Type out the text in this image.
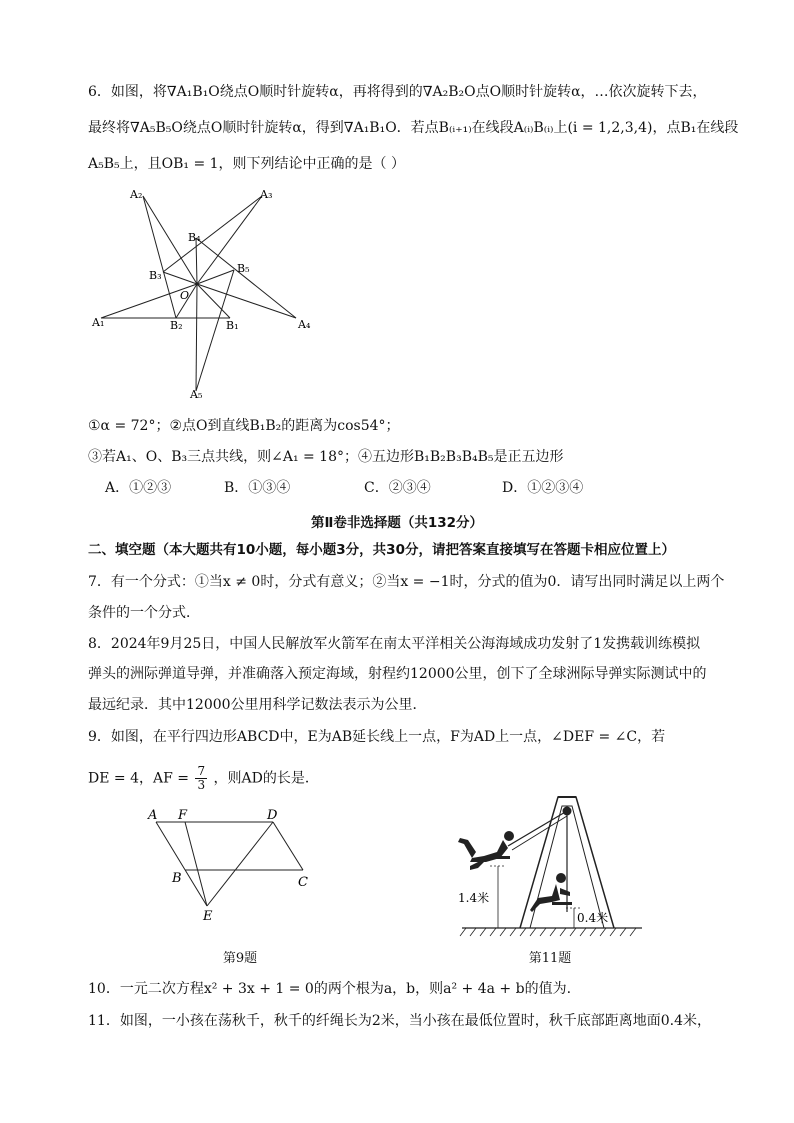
6．如图，将∇A₁B₁O绕点O顺时针旋转α，再将得到的∇A₂B₂O点O顺时针旋转α，…依次旋转下去，
最终将∇A₅B₅O绕点O顺时针旋转α，得到∇A₁B₁O．若点B₍ᵢ₊₁₎在线段A₍ᵢ₎B₍ᵢ₎上(i = 1,2,3,4)，点B₁在线段
A₅B₅上，且OB₁ = 1，则下列结论中正确的是（ ）
A₁
A₂	A₃
A₄
A₅
B₁
B₂
B₃
B₄
B₅
O
①α = 72°；②点O到直线B₁B₂的距离为cos54°；
③若A₁、O、B₃三点共线，则∠A₁ = 18°；④五边形B₁B₂B₃B₄B₅是正五边形
A．①②③	B．①③④	C．②③④	D．①②③④
第Ⅱ卷非选择题（共132分）
二、填空题（本大题共有10小题，每小题3分，共30分，请把答案直接填写在答题卡相应位置上）
7．有一个分式：①当x ≠ 0时，分式有意义；②当x = −1时，分式的值为0．请写出同时满足以上两个
条件的一个分式．
8．2024年9月25日，中国人民解放军火箭军在南太平洋相关公海海域成功发射了1发携载训练模拟
弹头的洲际弹道导弹，并准确落入预定海域，射程约12000公里，创下了全球洲际导弹实际测试中的
最远纪录．其中12000公里用科学记数法表示为公里．
9．如图，在平行四边形ABCD中，E为AB延长线上一点，F为AD上一点，∠DEF = ∠C，若
DE = 4，AF = $\frac{7}{3}$ ，则AD的长是．
A F	D
B	C
E
第9题
1.4米
0.4米
第11题
10．一元二次方程x² + 3x + 1 = 0的两个根为a，b，则a² + 4a + b的值为.
11．如图，一小孩在荡秋千，秋千的纤绳长为2米，当小孩在最低位置时，秋千底部距离地面0.4米，
